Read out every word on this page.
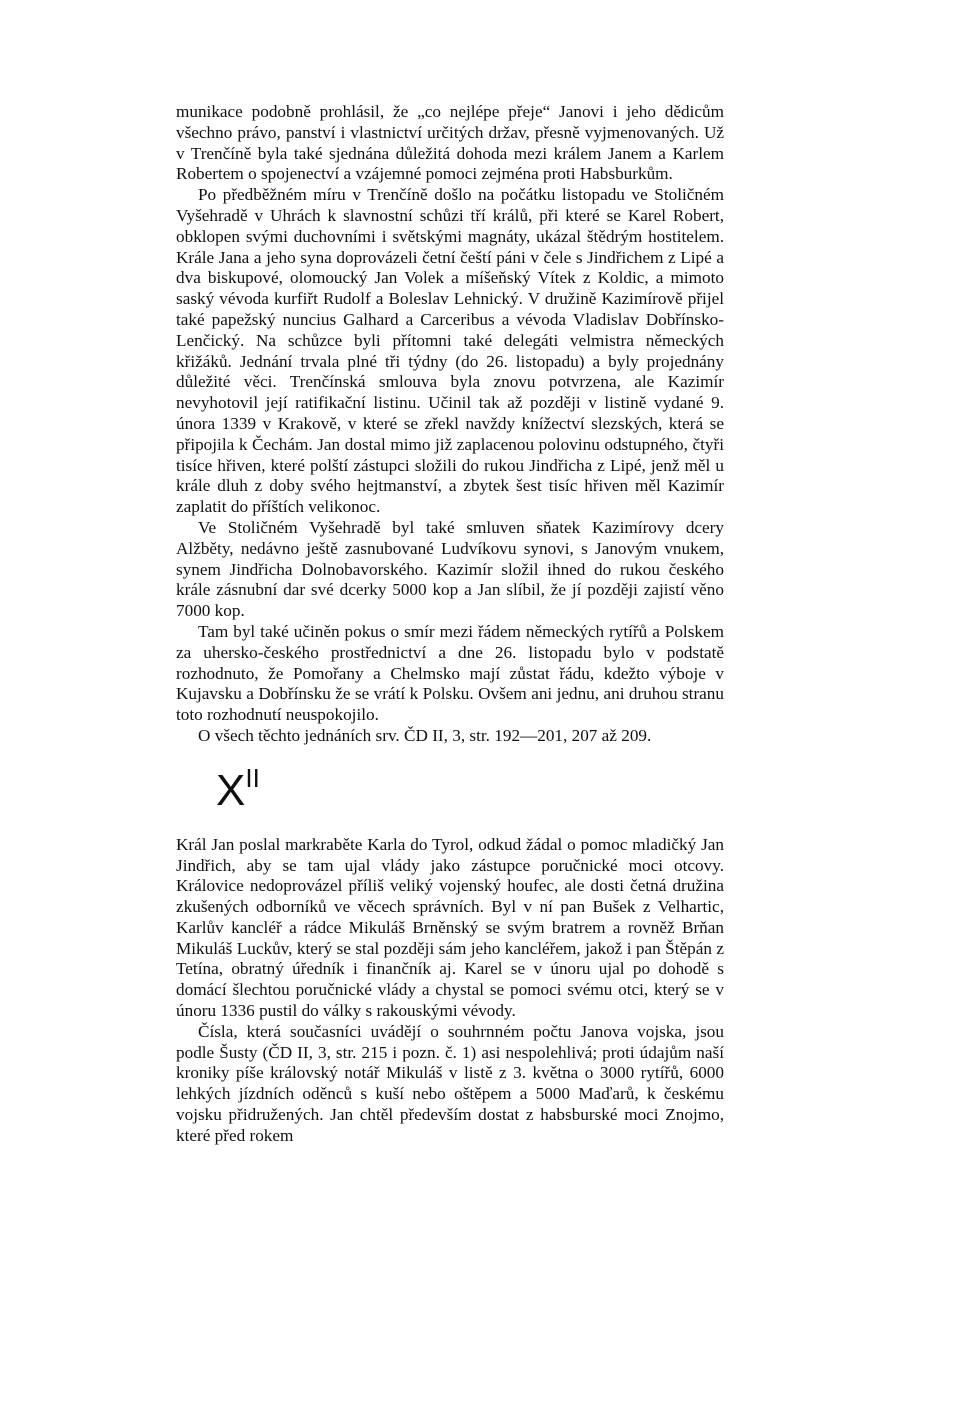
munikace podobně prohlásil, že „co nejlépe přeje“ Janovi i jeho dědicům všechno právo, panství i vlastnictví určitých držav, přesně vyjmenovaných. Už v Trenčíně byla také sjednána důležitá dohoda mezi králem Janem a Karlem Robertem o spojenectví a vzájemné pomoci zejména proti Habsburkům.

Po předběžném míru v Trenčíně došlo na počátku listopadu ve Stoličném Vyšehradě v Uhrách k slavnostní schůzi tří králů, při které se Karel Robert, obklopen svými duchovními i světskými magnáty, ukázal štědrým hostitelem. Krále Jana a jeho syna doprovázeli četní čeští páni v čele s Jindřichem z Lipé a dva biskupové, olomoucký Jan Volek a míšeňský Vítek z Koldic, a mimoto saský vévoda kurfiřt Rudolf a Boleslav Lehnický. V družině Kazimírově přijel také papežský nuncius Galhard a Carceribus a vévoda Vladislav Dobřínsko-Lenčický. Na schůzce byli přítomni také delegáti velmistra německých křižáků. Jednání trvala plné tři týdny (do 26. listopadu) a byly projednány důležité věci. Trenčínská smlouva byla znovu potvrzena, ale Kazimír nevyhotovil její ratifikační listinu. Učinil tak až později v listině vydané 9. února 1339 v Krakově, v které se zřekl navždy knížectví slezských, která se připojila k Čechám. Jan dostal mimo již zaplacenou polovinu odstupného, čtyři tisíce hřiven, které polští zástupci složili do rukou Jindřicha z Lipé, jenž měl u krále dluh z doby svého hejtmanství, a zbytek šest tisíc hřiven měl Kazimír zaplatit do příštích velikonoc.

Ve Stoličném Vyšehradě byl také smluven sňatek Kazimírovy dcery Alžběty, nedávno ještě zasnubované Ludvíkovu synovi, s Janovým vnukem, synem Jindřicha Dolnobavorského. Kazimír složil ihned do rukou českého krále zásnubní dar své dcerky 5000 kop a Jan slíbil, že jí později zajistí věno 7000 kop.

Tam byl také učiněn pokus o smír mezi řádem německých rytířů a Polskem za uhersko-českého prostřednictví a dne 26. listopadu bylo v podstatě rozhodnuto, že Pomořany a Chelmsko mají zůstat řádu, kdežto výboje v Kujavsku a Dobřínsku že se vrátí k Polsku. Ovšem ani jednu, ani druhou stranu toto rozhodnutí neuspokojilo.

O všech těchto jednáních srv. ČD II, 3, str. 192—201, 207 až 209.

X II

Král Jan poslal markraběte Karla do Tyrol, odkud žádal o pomoc mladičký Jan Jindřich, aby se tam ujal vlády jako zástupce poručnické moci otcovy. Královice nedoprovázel příliš veliký vojenský houfec, ale dosti četná družina zkušených odborníků ve věcech správních. Byl v ní pan Bušek z Velhartic, Karlův kancléř a rádce Mikuláš Brněnský se svým bratrem a rovněž Brňan Mikuláš Luckův, který se stal později sám jeho kancléřem, jakož i pan Štěpán z Tetína, obratný úředník i finančník aj. Karel se v únoru ujal po dohodě s domácí šlechtou poručnické vlády a chystal se pomoci svému otci, který se v únoru 1336 pustil do války s rakouskými vévody.

Čísla, která současníci uvádějí o souhrnném počtu Janova vojska, jsou podle Šusty (ČD II, 3, str. 215 i pozn. č. 1) asi nespolehlivá; proti údajům naší kroniky píše královský notář Mikuláš v listě z 3. května o 3000 rytířů, 6000 lehkých jízdních oděnců s kuší nebo oštěpem a 5000 Maďarů, k českému vojsku přidružených. Jan chtěl především dostat z habsburské moci Znojmo, které před rokem
